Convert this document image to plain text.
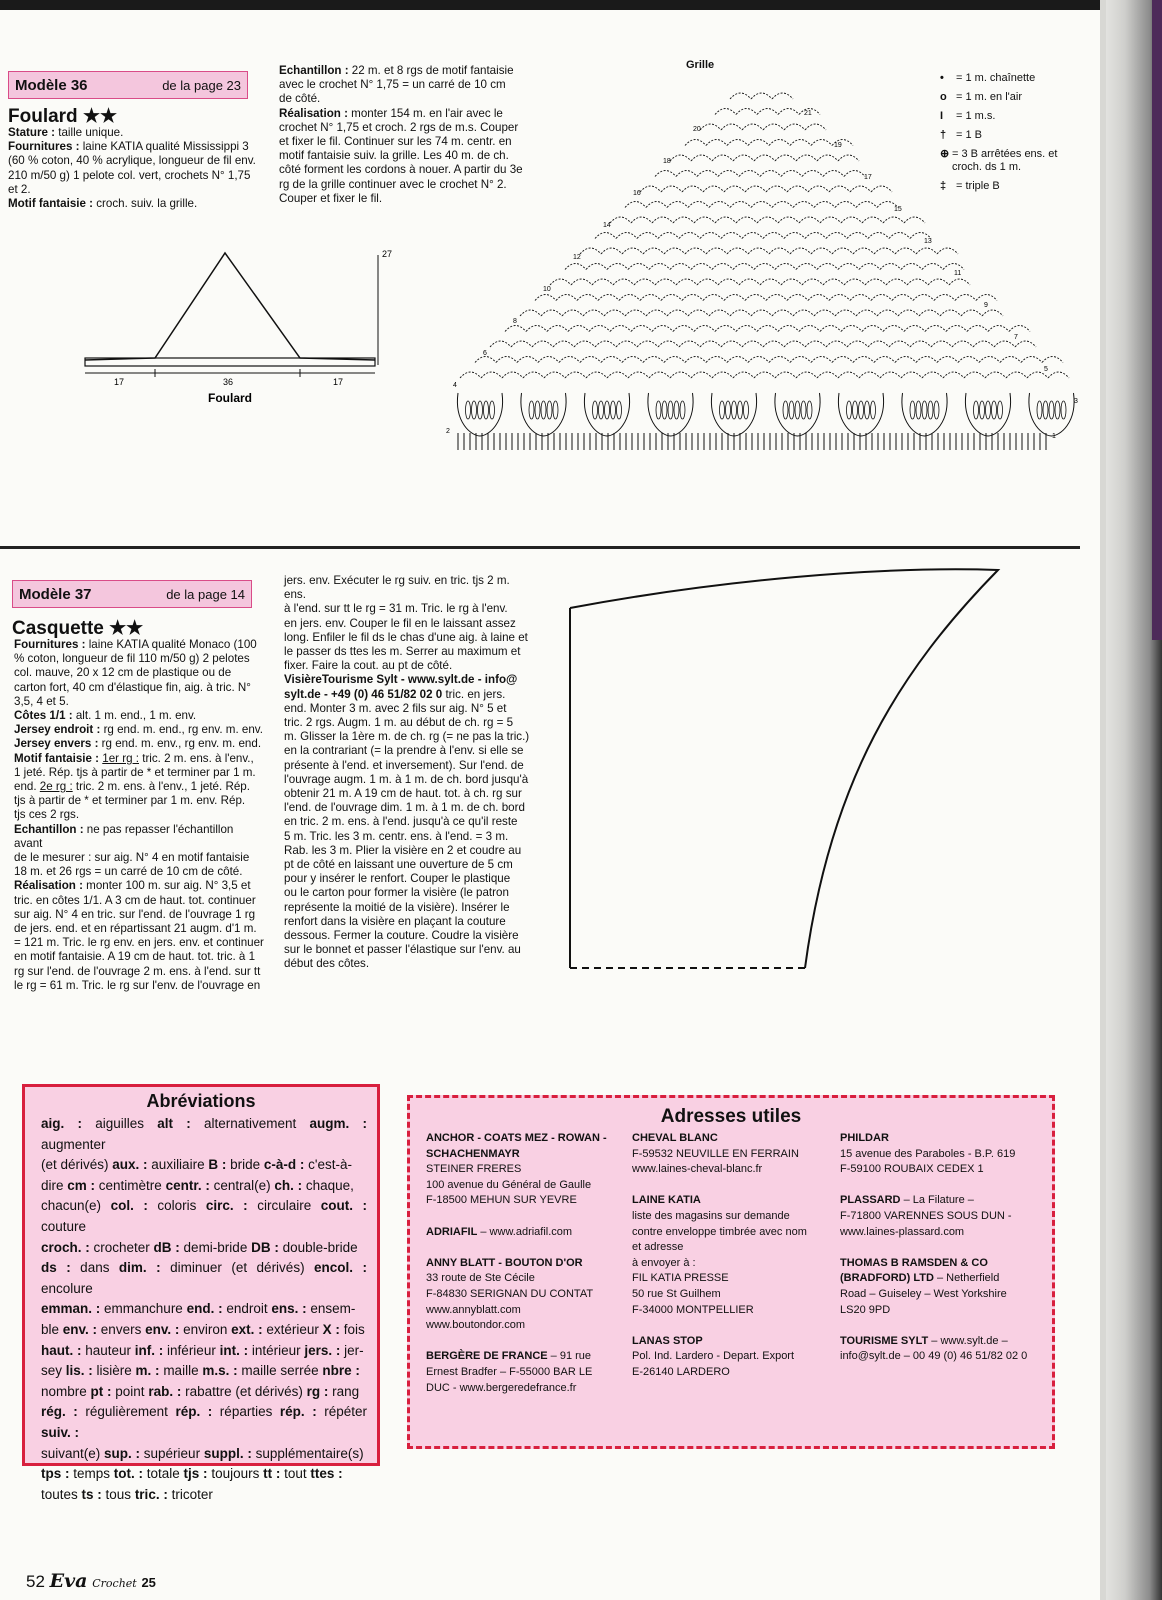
Modèle 36	de la page 23
Foulard ★★
Stature : taille unique.
Fournitures : laine KATIA qualité Mississippi 3
(60 % coton, 40 % acrylique, longueur de fil env.
210 m/50 g) 1 pelote col. vert, crochets N° 1,75
et 2.
Motif fantaisie : croch. suiv. la grille.
Echantillon : 22 m. et 8 rgs de motif fantaisie
avec le crochet N° 1,75 = un carré de 10 cm
de côté.
Réalisation : monter 154 m. en l'air avec le
crochet N° 1,75 et croch. 2 rgs de m.s. Couper
et fixer le fil. Continuer sur les 74 m. centr. en
motif fantaisie suiv. la grille. Les 40 m. de ch.
côté forment les cordons à nouer. A partir du 3e
rg de la grille continuer avec le crochet N° 2.
Couper et fixer le fil.
17	36	17
27
Foulard
Grille
1
2
3
4
5
6
7
8
9
10
11
12
13
14
15
16
17
18
19
20
21
•	= 1 m. chaînette
o = 1 m. en l'air
I	= 1 m.s.
† = 1 B
⊕ = 3 B arrêtées ens. et croch. ds 1 m.
‡ = triple B
Modèle 37	de la page 14
Casquette ★★
Fournitures : laine KATIA qualité Monaco (100
% coton, longueur de fil 110 m/50 g) 2 pelotes
col. mauve, 20 x 12 cm de plastique ou de
carton fort, 40 cm d'élastique fin, aig. à tric. N°
3,5, 4 et 5.
Côtes 1/1 : alt. 1 m. end., 1 m. env.
Jersey endroit : rg end. m. end., rg env. m. env.
Jersey envers : rg end. m. env., rg env. m. end.
Motif fantaisie : 1er rg : tric. 2 m. ens. à l'env.,
1 jeté. Rép. tjs à partir de * et terminer par 1 m.
end. 2e rg : tric. 2 m. ens. à l'env., 1 jeté. Rép.
tjs à partir de * et terminer par 1 m. env. Rép.
tjs ces 2 rgs.
Echantillon : ne pas repasser l'échantillon avant
de le mesurer : sur aig. N° 4 en motif fantaisie
18 m. et 26 rgs = un carré de 10 cm de côté.
Réalisation : monter 100 m. sur aig. N° 3,5 et
tric. en côtes 1/1. A 3 cm de haut. tot. continuer
sur aig. N° 4 en tric. sur l'end. de l'ouvrage 1 rg
de jers. end. et en répartissant 21 augm. d'1 m.
= 121 m. Tric. le rg env. en jers. env. et continuer
en motif fantaisie. A 19 cm de haut. tot. tric. à 1
rg sur l'end. de l'ouvrage 2 m. ens. à l'end. sur tt
le rg = 61 m. Tric. le rg sur l'env. de l'ouvrage en
jers. env. Exécuter le rg suiv. en tric. tjs 2 m. ens.
à l'end. sur tt le rg = 31 m. Tric. le rg à l'env.
en jers. env. Couper le fil en le laissant assez
long. Enfiler le fil ds le chas d'une aig. à laine et
le passer ds ttes les m. Serrer au maximum et
fixer. Faire la cout. au pt de côté.
VisièreTourisme Sylt - www.sylt.de - info@
sylt.de - +49 (0) 46 51/82 02 0 tric. en jers.
end. Monter 3 m. avec 2 fils sur aig. N° 5 et
tric. 2 rgs. Augm. 1 m. au début de ch. rg = 5
m. Glisser la 1ère m. de ch. rg (= ne pas la tric.)
en la contrariant (= la prendre à l'env. si elle se
présente à l'end. et inversement). Sur l'end. de
l'ouvrage augm. 1 m. à 1 m. de ch. bord jusqu'à
obtenir 21 m. A 19 cm de haut. tot. à ch. rg sur
l'end. de l'ouvrage dim. 1 m. à 1 m. de ch. bord
en tric. 2 m. ens. à l'end. jusqu'à ce qu'il reste
5 m. Tric. les 3 m. centr. ens. à l'end. = 3 m.
Rab. les 3 m. Plier la visière en 2 et coudre au
pt de côté en laissant une ouverture de 5 cm
pour y insérer le renfort. Couper le plastique
ou le carton pour former la visière (le patron
représente la moitié de la visière). Insérer le
renfort dans la visière en plaçant la couture
dessous. Fermer la couture. Coudre la visière
sur le bonnet et passer l'élastique sur l'env. au
début des côtes.
Abréviations
aig. : aiguilles alt : alternativement augm. : augmenter
(et dérivés) aux. : auxiliaire B : bride c-à-d : c'est-à-
dire cm : centimètre centr. : central(e) ch. : chaque,
chacun(e) col. : coloris circ. : circulaire cout. : couture
croch. : crocheter dB : demi-bride DB : double-bride
ds : dans dim. : diminuer (et dérivés) encol. : encolure
emman. : emmanchure end. : endroit ens. : ensem-
ble env. : envers env. : environ ext. : extérieur X : fois
haut. : hauteur inf. : inférieur int. : intérieur jers. : jer-
sey lis. : lisière m. : maille m.s. : maille serrée nbre :
nombre pt : point rab. : rabattre (et dérivés) rg : rang
rég. : régulièrement rép. : réparties rép. : répéter suiv. :
suivant(e) sup. : supérieur suppl. : supplémentaire(s)
tps : temps tot. : totale tjs : toujours tt : tout ttes :
toutes ts : tous tric. : tricoter
Adresses utiles
ANCHOR - COATS MEZ - ROWAN -
SCHACHENMAYR
STEINER FRERES
100 avenue du Général de Gaulle
F-18500 MEHUN SUR YEVRE

ADRIAFIL – www.adriafil.com

ANNY BLATT - BOUTON D'OR
33 route de Ste Cécile
F-84830 SERIGNAN DU CONTAT
www.annyblatt.com
www.boutondor.com

BERGÈRE DE FRANCE – 91 rue
Ernest Bradfer – F-55000 BAR LE
DUC - www.bergeredefrance.fr
CHEVAL BLANC
F-59532 NEUVILLE EN FERRAIN
www.laines-cheval-blanc.fr

LAINE KATIA
liste des magasins sur demande
contre enveloppe timbrée avec nom
et adresse
à envoyer à :
FIL KATIA PRESSE
50 rue St Guilhem
F-34000 MONTPELLIER

LANAS STOP
Pol. Ind. Lardero - Depart. Export
E-26140 LARDERO
PHILDAR
15 avenue des Paraboles - B.P. 619
F-59100 ROUBAIX CEDEX 1

PLASSARD – La Filature –
F-71800 VARENNES SOUS DUN -
www.laines-plassard.com

THOMAS B RAMSDEN & CO
(BRADFORD) LTD – Netherfield
Road – Guiseley – West Yorkshire
LS20 9PD

TOURISME SYLT – www.sylt.de –
info@sylt.de – 00 49 (0) 46 51/82 02 0
52 Eva Crochet 25
